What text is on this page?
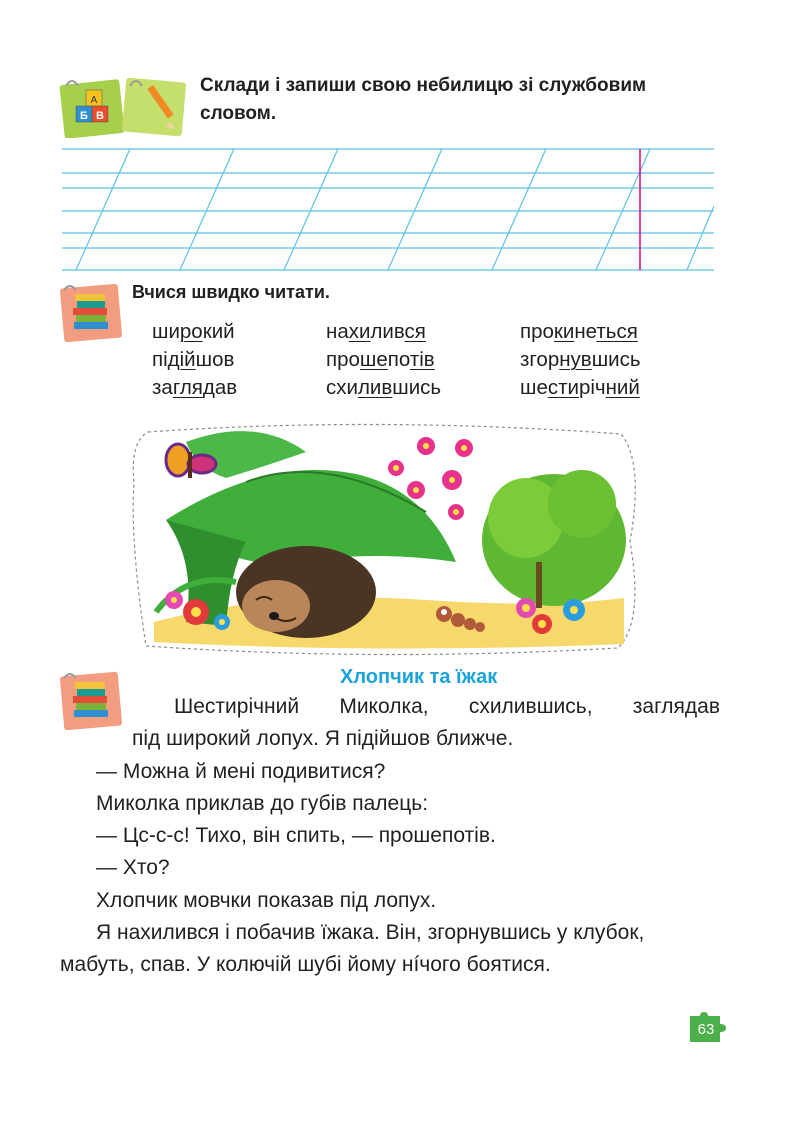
А
Б В
Склади і запиши свою небилицю зі службовим
словом.
Вчися швидко читати.
широкий
підійшов
заглядав
нахилився
прошепотів
схилившись
прокинеться
згорнувшись
шестирічний
Хлопчик та їжак

Шестирічний Миколка, схилившись, заглядав

під широкий лопух. Я підійшов ближче.

— Можна й мені подивитися?

Миколка приклав до губів палець:

— Цс-с-с! Тихо, він спить, — прошепотів.

— Хто?

Хлопчик мовчки показав під лопух.

Я нахилився і побачив їжака. Він, згорнувшись у клубок,

мабуть, спав. У колючій шубі йому нíчого боятися.

63
